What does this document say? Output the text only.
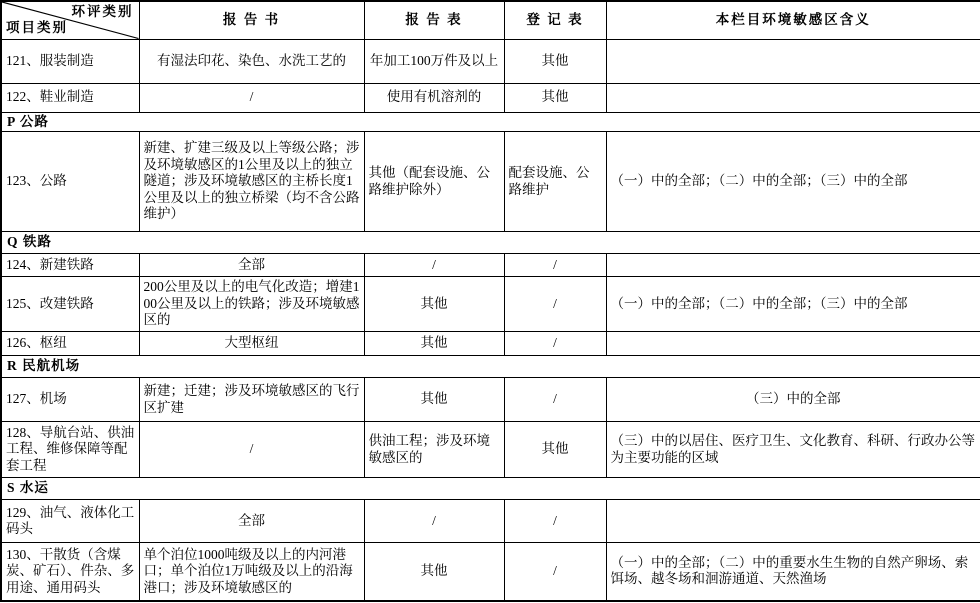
环评类别
项目类别	报 告 书	报 告 表	登 记 表	本栏目环境敏感区含义
121、服装制造	有湿法印花、染色、水洗工艺的	年加工100万件及以上	其他	
122、鞋业制造	/	使用有机溶剂的	其他	
P 公路				
123、公路	新建、扩建三级及以上等级公路；涉及环境敏感区的1公里及以上的独立隧道；涉及环境敏感区的主桥长度1公里及以上的独立桥梁（均不含公路维护）	其他（配套设施、公路维护除外）	配套设施、公路维护	（一）中的全部；（二）中的全部；（三）中的全部
Q 铁路				
124、新建铁路	全部	/	/	
125、改建铁路	200公里及以上的电气化改造；增建100公里及以上的铁路；涉及环境敏感区的	其他	/	（一）中的全部；（二）中的全部；（三）中的全部
126、枢纽	大型枢纽	其他	/	
R 民航机场				
127、机场	新建；迁建；涉及环境敏感区的飞行区扩建	其他	/	（三）中的全部
128、导航台站、供油工程、维修保障等配套工程	/	供油工程；涉及环境敏感区的	其他	（三）中的以居住、医疗卫生、文化教育、科研、行政办公等为主要功能的区域
S 水运				
129、油气、液体化工码头	全部	/	/	
130、干散货（含煤炭、矿石）、件杂、多用途、通用码头	单个泊位1000吨级及以上的内河港口；单个泊位1万吨级及以上的沿海港口；涉及环境敏感区的	其他	/	（一）中的全部；（二）中的重要水生生物的自然产卵场、索饵场、越冬场和洄游通道、天然渔场
